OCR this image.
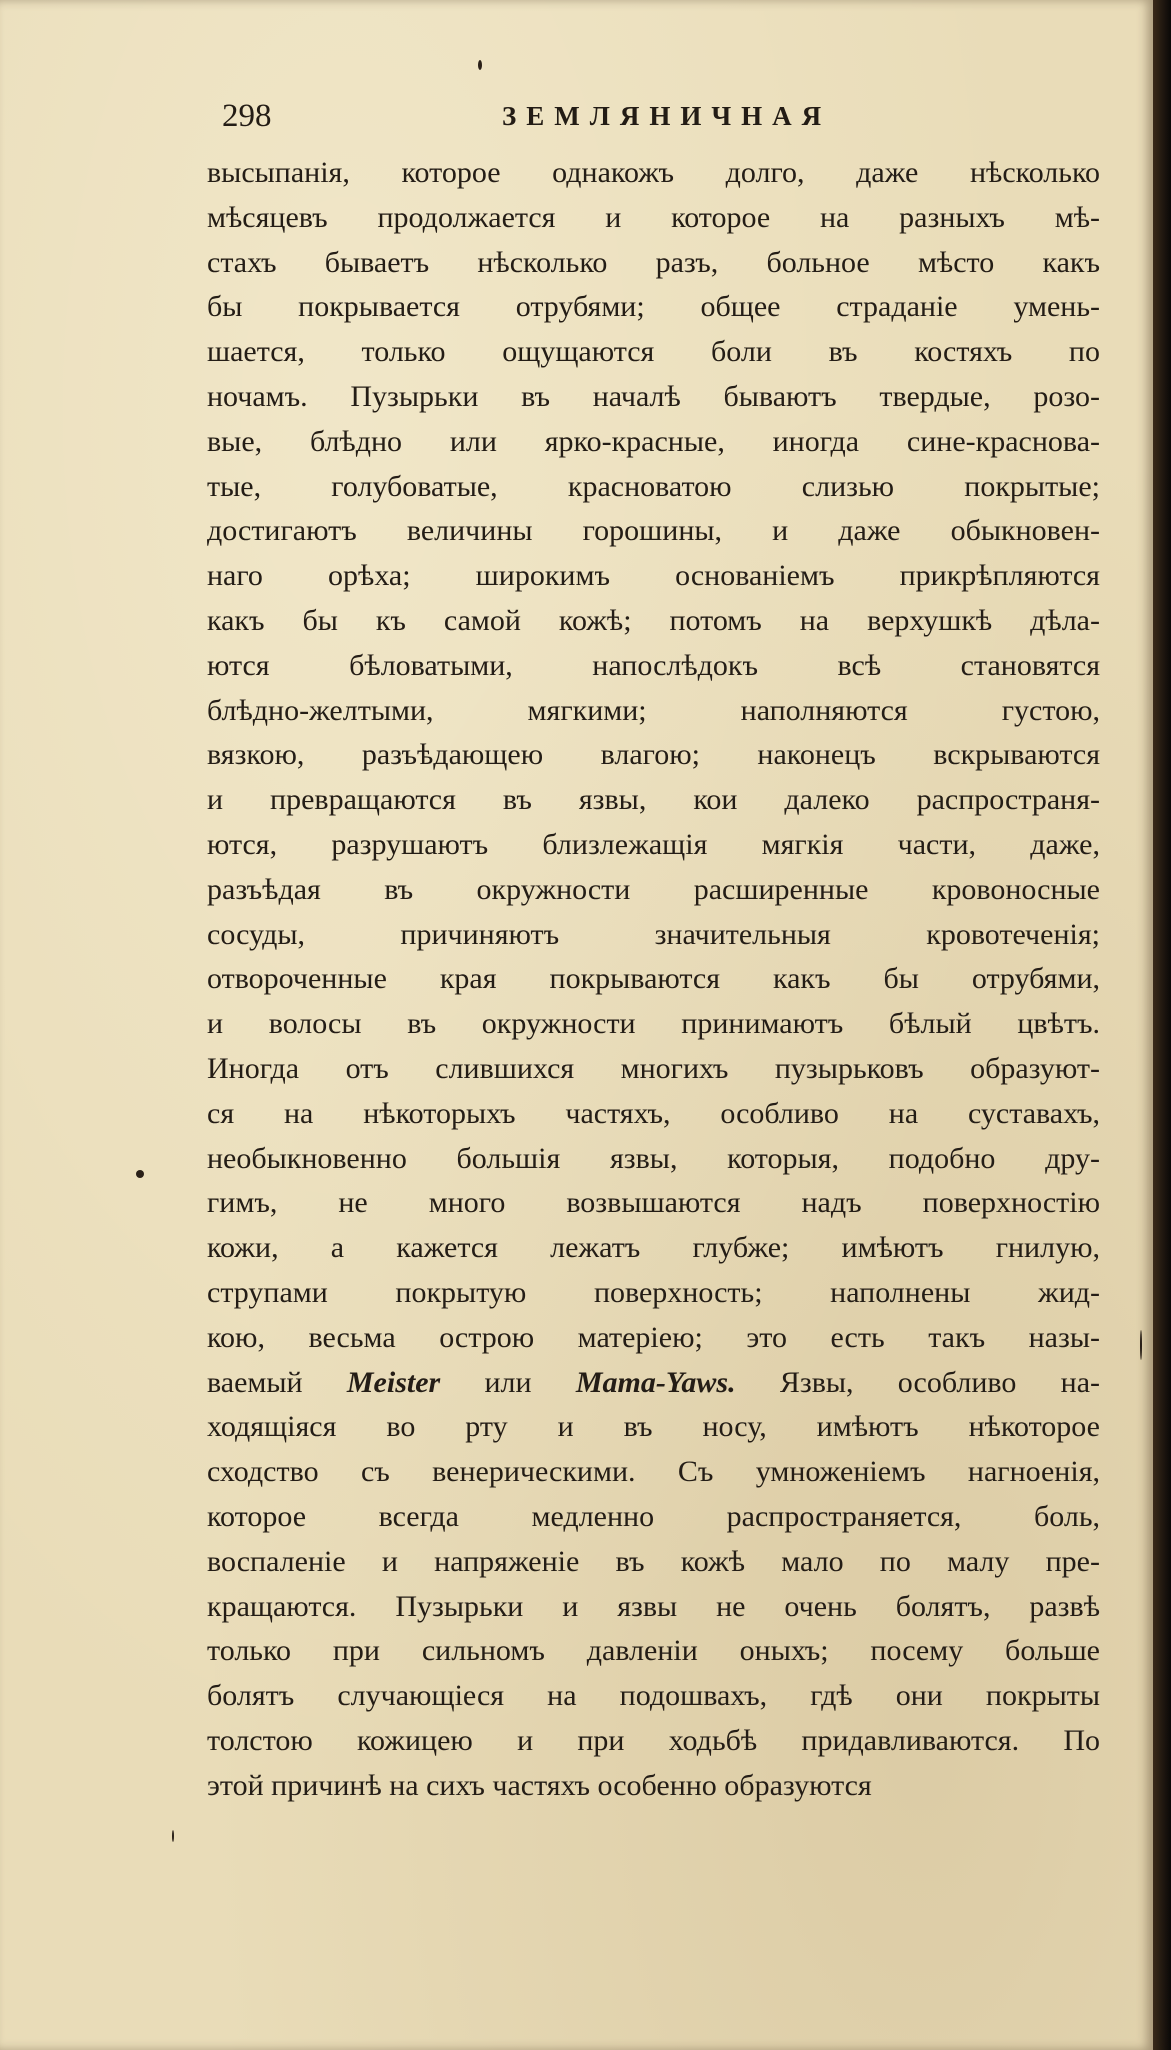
298	ЗЕМЛЯНИЧНАЯ
высыпанія, которое однакожъ долго, даже нѣсколько
мѣсяцевъ продолжается и которое на разныхъ мѣ-
стахъ бываетъ нѣсколько разъ, больное мѣсто какъ
бы покрывается отрубями; общее страданіе умень-
шается, только ощущаются боли въ костяхъ по
ночамъ. Пузырьки въ началѣ бываютъ твердые, розо-
вые, блѣдно или ярко-красные, иногда сине-краснова-
тые, голубоватые, красноватою слизью покрытые;
достигаютъ величины горошины, и даже обыкновен-
наго орѣха; широкимъ основаніемъ прикрѣпляются
какъ бы къ самой кожѣ; потомъ на верхушкѣ дѣла-
ются бѣловатыми, напослѣдокъ всѣ становятся
блѣдно-желтыми, мягкими; наполняются густою,
вязкою, разъѣдающею влагою; наконецъ вскрываются
и превращаются въ язвы, кои далеко распространя-
ются, разрушаютъ близлежащія мягкія части, даже,
разъѣдая въ окружности расширенные кровоносные
сосуды, причиняютъ значительныя кровотеченія;
отвороченные края покрываются какъ бы отрубями,
и волосы въ окружности принимаютъ бѣлый цвѣтъ.
Иногда отъ слившихся многихъ пузырьковъ образуют-
ся на нѣкоторыхъ частяхъ, особливо на суставахъ,
необыкновенно большія язвы, которыя, подобно дру-
гимъ, не много возвышаются надъ поверхностію
кожи, а кажется лежатъ глубже; имѣютъ гнилую,
струпами покрытую поверхность; наполнены жид-
кою, весьма острою матеріею; это есть такъ назы-
ваемый Meister или Mama-Yaws. Язвы, особливо на-
ходящіяся во рту и въ носу, имѣютъ нѣкоторое
сходство съ венерическими. Съ умноженіемъ нагноенія,
которое всегда медленно распространяется, боль,
воспаленіе и напряженіе въ кожѣ мало по малу пре-
кращаются. Пузырьки и язвы не очень болятъ, развѣ
только при сильномъ давленіи оныхъ; посему больше
болятъ случающіеся на подошвахъ, гдѣ они покрыты
толстою кожицею и при ходьбѣ придавливаются. По
этой причинѣ на сихъ частяхъ особенно образуются
